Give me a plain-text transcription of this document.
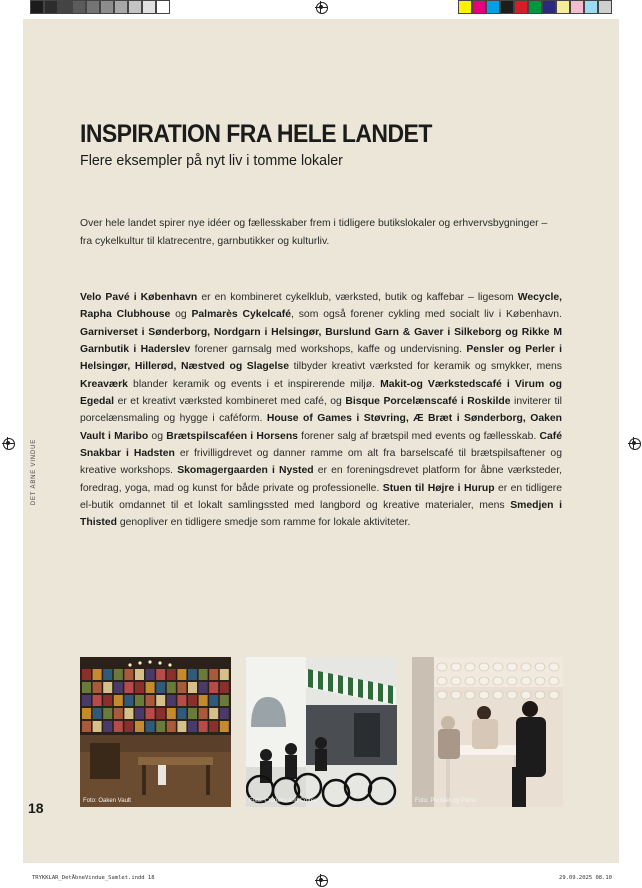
INSPIRATION FRA HELE LANDET
Flere eksempler på nyt liv i tomme lokaler

Over hele landet spirer nye idéer og fællesskaber frem i tidligere butikslokaler og erhvervsbygninger – fra cykelkultur til klatrecentre, garnbutikker og kulturliv.

Velo Pavé i København er en kombineret cykelklub, værksted, butik og kaffebar – ligesom Wecycle, Rapha Clubhouse og Palmarès Cykelcafé, som også forener cykling med socialt liv i København. Garniverset i Sønderborg, Nordgarn i Helsingør, Burslund Garn & Gaver i Silkeborg og Rikke M Garnbutik i Haderslev forener garnsalg med workshops, kaffe og undervisning. Pensler og Perler i Helsingør, Hillerød, Næstved og Slagelse tilbyder kreativt værksted for keramik og smykker, mens Kreaværk blander keramik og events i et inspirerende miljø. Makit-og Værkstedscafé i Virum og Egedal er et kreativt værksted kombineret med café, og Bisque Porcelænscafé i Roskilde inviterer til porcelænsmaling og hygge i caféform. House of Games i Støvring, Æ Bræt i Sønderborg, Oaken Vault i Maribo og Brætspilscaféen i Horsens forener salg af brætspil med events og fællesskab. Café Snakbar i Hadsten er frivilligdrevet og danner ramme om alt fra barselscafé til brætspilsaftener og kreative workshops. Skomagergaarden i Nysted er en foreningsdrevet platform for åbne værksteder, foredrag, yoga, mad og kunst for både private og professionelle. Stuen til Højre i Hurup er en tidligere el-butik omdannet til et lokalt samlingssted med langbord og kreative materialer, mens Smedjen i Thisted genopliver en tidligere smedje som ramme for lokale aktiviteter.

DET ÅBNE VINDUE
Foto: Oaken Vault	Foto: Crankks and Coffee	Foto: Pensler og Perler
18
TRYKKLAR_DetÅbneVindue_Samlet.indd 18	29.09.2025 08.10
